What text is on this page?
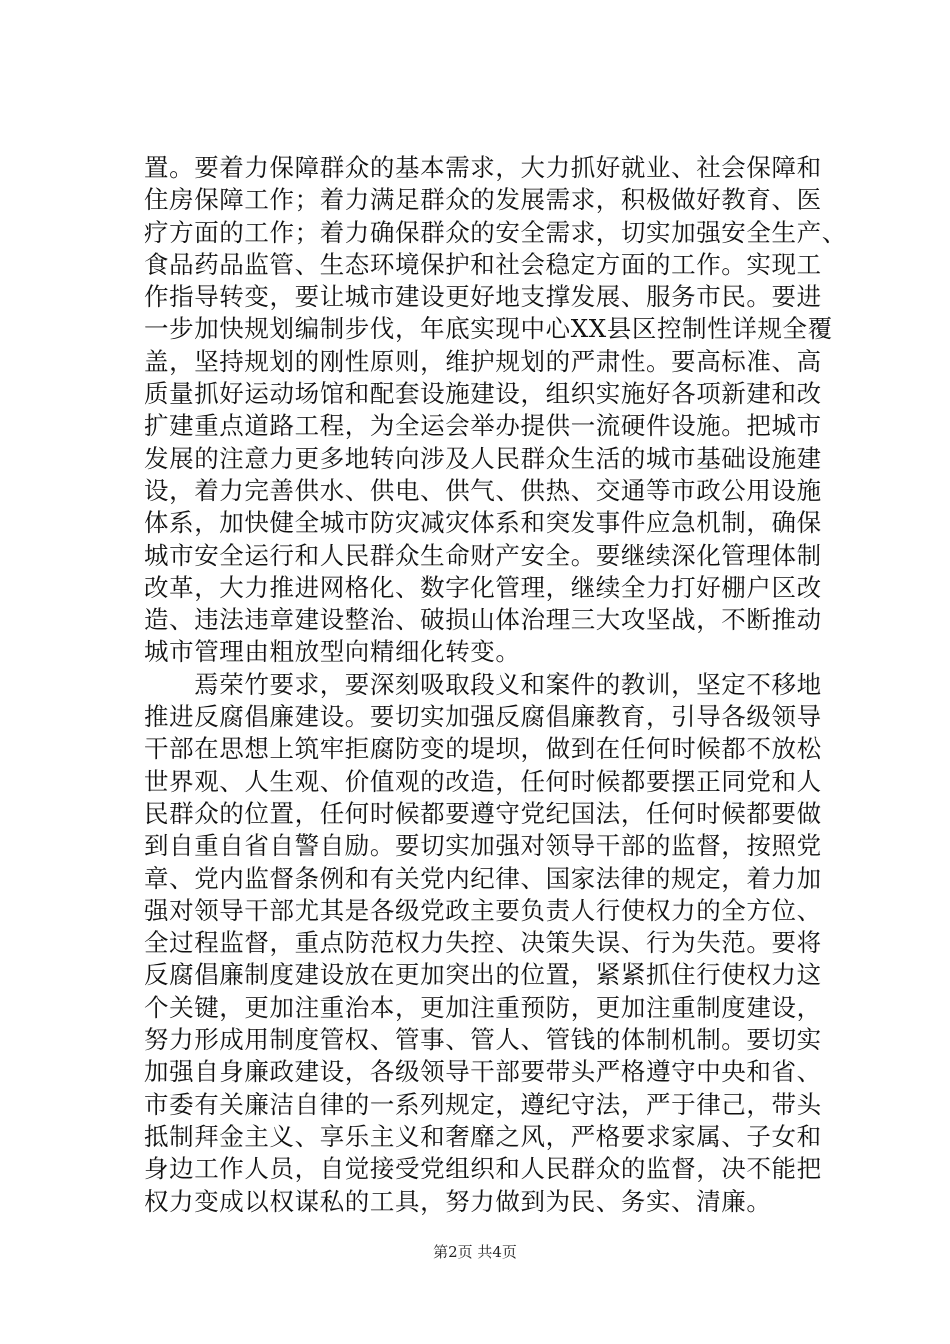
置。要着力保障群众的基本需求，大力抓好就业、社会保障和
住房保障工作；着力满足群众的发展需求，积极做好教育、医
疗方面的工作；着力确保群众的安全需求，切实加强安全生产、
食品药品监管、生态环境保护和社会稳定方面的工作。实现工
作指导转变，要让城市建设更好地支撑发展、服务市民。要进
一步加快规划编制步伐，年底实现中心XX县区控制性详规全覆
盖，坚持规划的刚性原则，维护规划的严肃性。要高标准、高
质量抓好运动场馆和配套设施建设，组织实施好各项新建和改
扩建重点道路工程，为全运会举办提供一流硬件设施。把城市
发展的注意力更多地转向涉及人民群众生活的城市基础设施建
设，着力完善供水、供电、供气、供热、交通等市政公用设施
体系，加快健全城市防灾减灾体系和突发事件应急机制，确保
城市安全运行和人民群众生命财产安全。要继续深化管理体制
改革，大力推进网格化、数字化管理，继续全力打好棚户区改
造、违法违章建设整治、破损山体治理三大攻坚战，不断推动
城市管理由粗放型向精细化转变。
　　焉荣竹要求，要深刻吸取段义和案件的教训，坚定不移地
推进反腐倡廉建设。要切实加强反腐倡廉教育，引导各级领导
干部在思想上筑牢拒腐防变的堤坝，做到在任何时候都不放松
世界观、人生观、价值观的改造，任何时候都要摆正同党和人
民群众的位置，任何时候都要遵守党纪国法，任何时候都要做
到自重自省自警自励。要切实加强对领导干部的监督，按照党
章、党内监督条例和有关党内纪律、国家法律的规定，着力加
强对领导干部尤其是各级党政主要负责人行使权力的全方位、
全过程监督，重点防范权力失控、决策失误、行为失范。要将
反腐倡廉制度建设放在更加突出的位置，紧紧抓住行使权力这
个关键，更加注重治本，更加注重预防，更加注重制度建设，
努力形成用制度管权、管事、管人、管钱的体制机制。要切实
加强自身廉政建设，各级领导干部要带头严格遵守中央和省、
市委有关廉洁自律的一系列规定，遵纪守法，严于律己，带头
抵制拜金主义、享乐主义和奢靡之风，严格要求家属、子女和
身边工作人员，自觉接受党组织和人民群众的监督，决不能把
权力变成以权谋私的工具，努力做到为民、务实、清廉。
第2页 共4页
